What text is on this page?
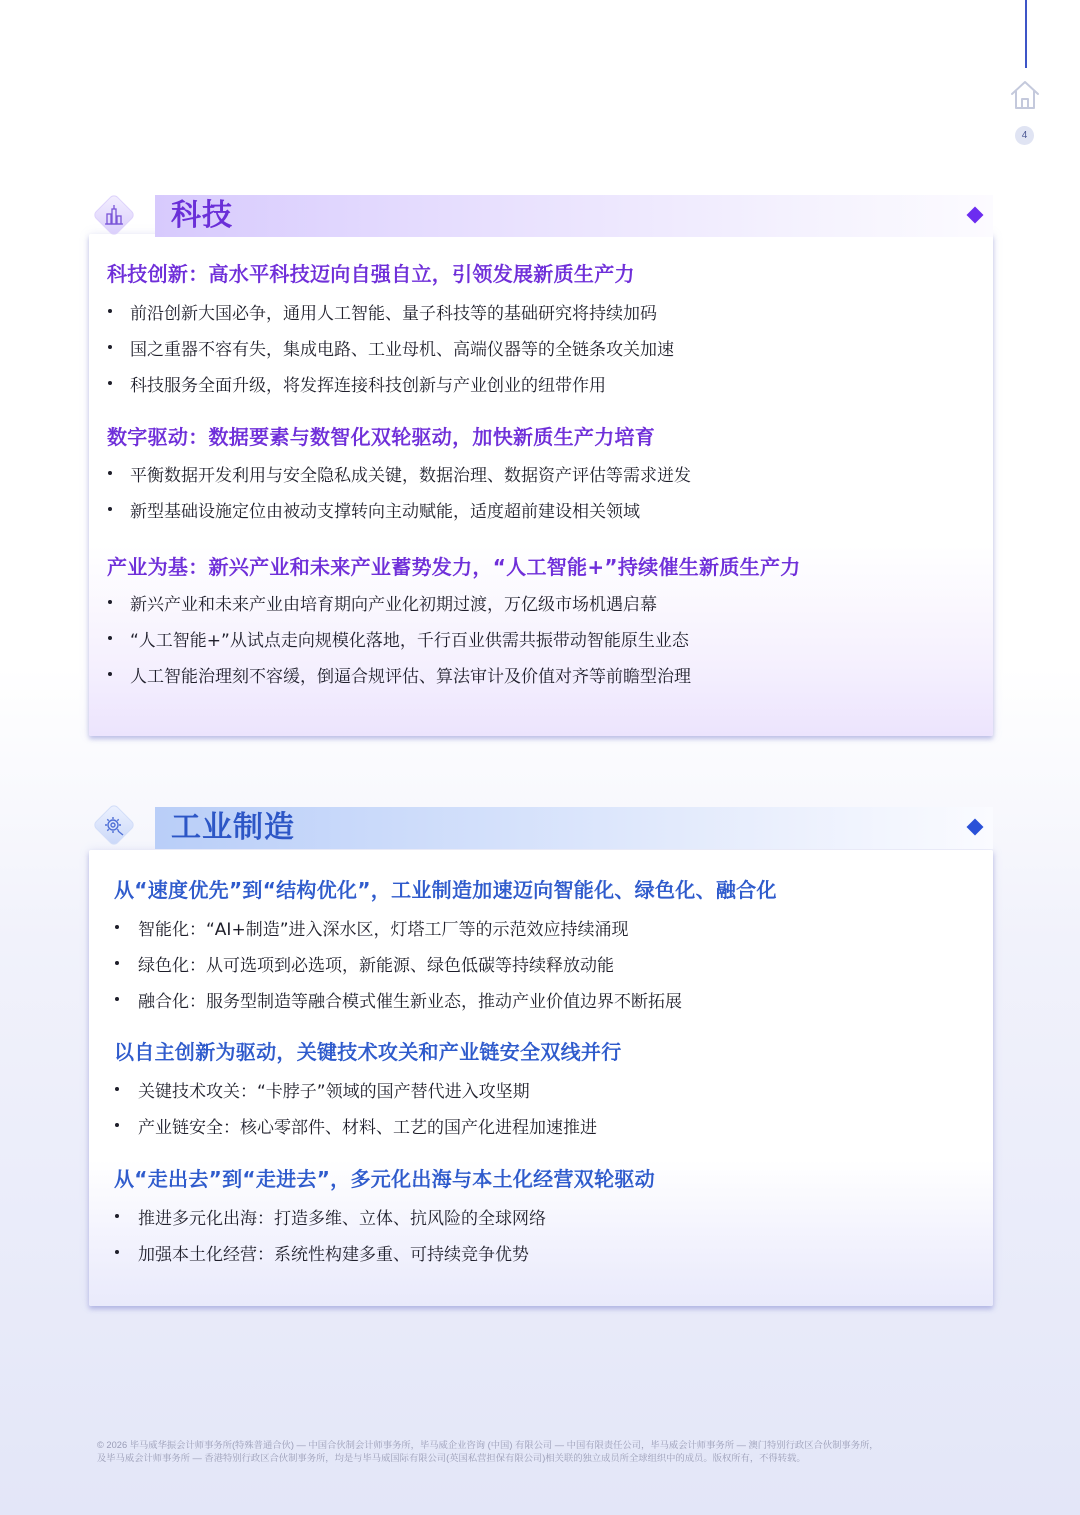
4
科技
科技创新：高水平科技迈向自强自立，引领发展新质生产力
前沿创新大国必争，通用人工智能、量子科技等的基础研究将持续加码
国之重器不容有失，集成电路、工业母机、高端仪器等的全链条攻关加速
科技服务全面升级，将发挥连接科技创新与产业创业的纽带作用
数字驱动：数据要素与数智化双轮驱动，加快新质生产力培育
平衡数据开发利用与安全隐私成关键，数据治理、数据资产评估等需求迸发
新型基础设施定位由被动支撑转向主动赋能，适度超前建设相关领域
产业为基：新兴产业和未来产业蓄势发力，“人工智能+”持续催生新质生产力
新兴产业和未来产业由培育期向产业化初期过渡，万亿级市场机遇启幕
“人工智能+”从试点走向规模化落地，千行百业供需共振带动智能原生业态
人工智能治理刻不容缓，倒逼合规评估、算法审计及价值对齐等前瞻型治理
工业制造
从“速度优先”到“结构优化”，工业制造加速迈向智能化、绿色化、融合化
智能化：“AI+制造”进入深水区，灯塔工厂等的示范效应持续涌现
绿色化：从可选项到必选项，新能源、绿色低碳等持续释放动能
融合化：服务型制造等融合模式催生新业态，推动产业价值边界不断拓展
以自主创新为驱动，关键技术攻关和产业链安全双线并行
关键技术攻关：“卡脖子”领域的国产替代进入攻坚期
产业链安全：核心零部件、材料、工艺的国产化进程加速推进
从“走出去”到“走进去”，多元化出海与本土化经营双轮驱动
推进多元化出海：打造多维、立体、抗风险的全球网络
加强本土化经营：系统性构建多重、可持续竞争优势
© 2026 毕马威华振会计师事务所(特殊普通合伙) — 中国合伙制会计师事务所，毕马威企业咨询 (中国) 有限公司 — 中国有限责任公司，毕马威会计师事务所 — 澳门特别行政区合伙制事务所，
及毕马威会计师事务所 — 香港特别行政区合伙制事务所，均是与毕马威国际有限公司(英国私营担保有限公司)相关联的独立成员所全球组织中的成员。版权所有，不得转载。
